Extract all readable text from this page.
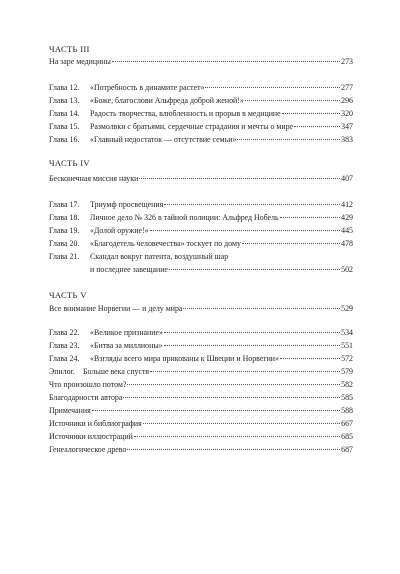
ЧАСТЬ III
На заре медицины	273
Глава 12.	«Потребность в динамите растет»	277
Глава 13.	«Боже, благослови Альфреда доброй женой!»	296
Глава 14.	Радость творчества, влюбленность и прорыв в медицине	320
Глава 15.	Размолвки с братьями, сердечные страдания и мечты о мире	347
Глава 16.	«Главный недостаток — отсутствие семьи»	383
ЧАСТЬ IV
Бесконечная миссия науки	407
Глава 17.	Триумф просвещения	412
Глава 18.	Личное дело № 326 в тайной полиции: Альфред Нобель	429
Глава 19.	«Долой оружие!»	445
Глава 20.	«Благодетель человечества» тоскует по дому	478
Глава 21.	Скандал вокруг патента, воздушный шар
и последнее завещание	502
ЧАСТЬ V
Все внимание Норвегии — и делу мира	529
Глава 22.	«Великое признание»	534
Глава 23.	«Битва за миллионы»	551
Глава 24.	«Взгляды всего мира прикованы к Швеции и Норвегии»	572
Эпилог.	Больше века спустя	579
Что произошло потом?	582
Благодарности автора	585
Примечания	588
Источники и библиография	667
Источники иллюстраций	685
Генеалогическое древо	687
